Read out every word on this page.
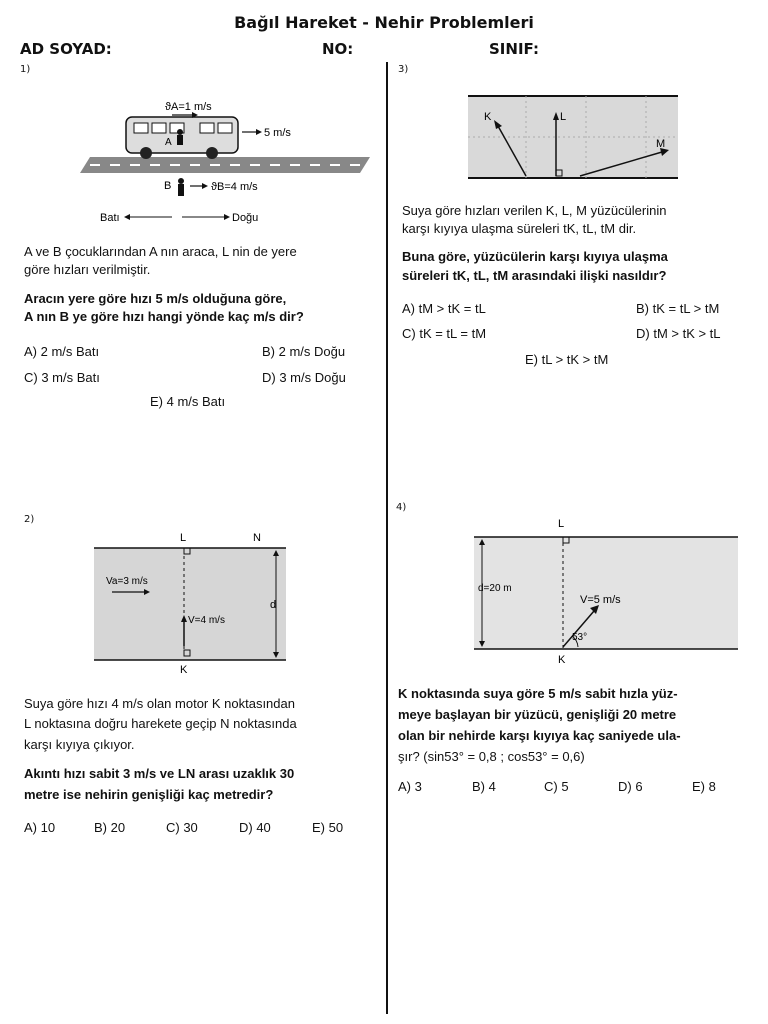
Bağıl Hareket - Nehir Problemleri
AD SOYAD:	NO:	SINIF:
1)
A
ϑA=1 m/s
5 m/s
B	ϑB=4 m/s
Batı	Doğu
A ve B çocuklarından A nın araca, L nin de yere
göre hızları verilmiştir.
Aracın yere göre hızı 5 m/s olduğuna göre,
A nın B ye göre hızı hangi yönde kaç m/s dir?
A) 2 m/s Batı	B) 2 m/s Doğu
C) 3 m/s Batı	D) 3 m/s Doğu
E) 4 m/s Batı
2)
L	N
K
V=4 m/s
Va=3 m/s
d
Suya göre hızı 4 m/s olan motor K noktasından
L noktasına doğru harekete geçip N noktasında
karşı kıyıya çıkıyor.
Akıntı hızı sabit 3 m/s ve LN arası uzaklık 30
metre ise nehirin genişliği kaç metredir?
A) 10	B) 20	C) 30	D) 40	E) 50
3)
K	L
M
Suya göre hızları verilen K, L, M yüzücülerinin
karşı kıyıya ulaşma süreleri tK, tL, tM dir.
Buna göre, yüzücülerin karşı kıyıya ulaşma
süreleri tK, tL, tM arasındaki ilişki nasıldır?
A) tM > tK = tL	B) tK = tL > tM
C) tK = tL = tM	D) tM > tK > tL
E) tL > tK > tM
4)
L
K
d=20 m
V=5 m/s
53°
K noktasında suya göre 5 m/s sabit hızla yüz-
meye başlayan bir yüzücü, genişliği 20 metre
olan bir nehirde karşı kıyıya kaç saniyede ula-
şır? (sin53° = 0,8 ; cos53° = 0,6)
A) 3	B) 4	C) 5	D) 6	E) 8
